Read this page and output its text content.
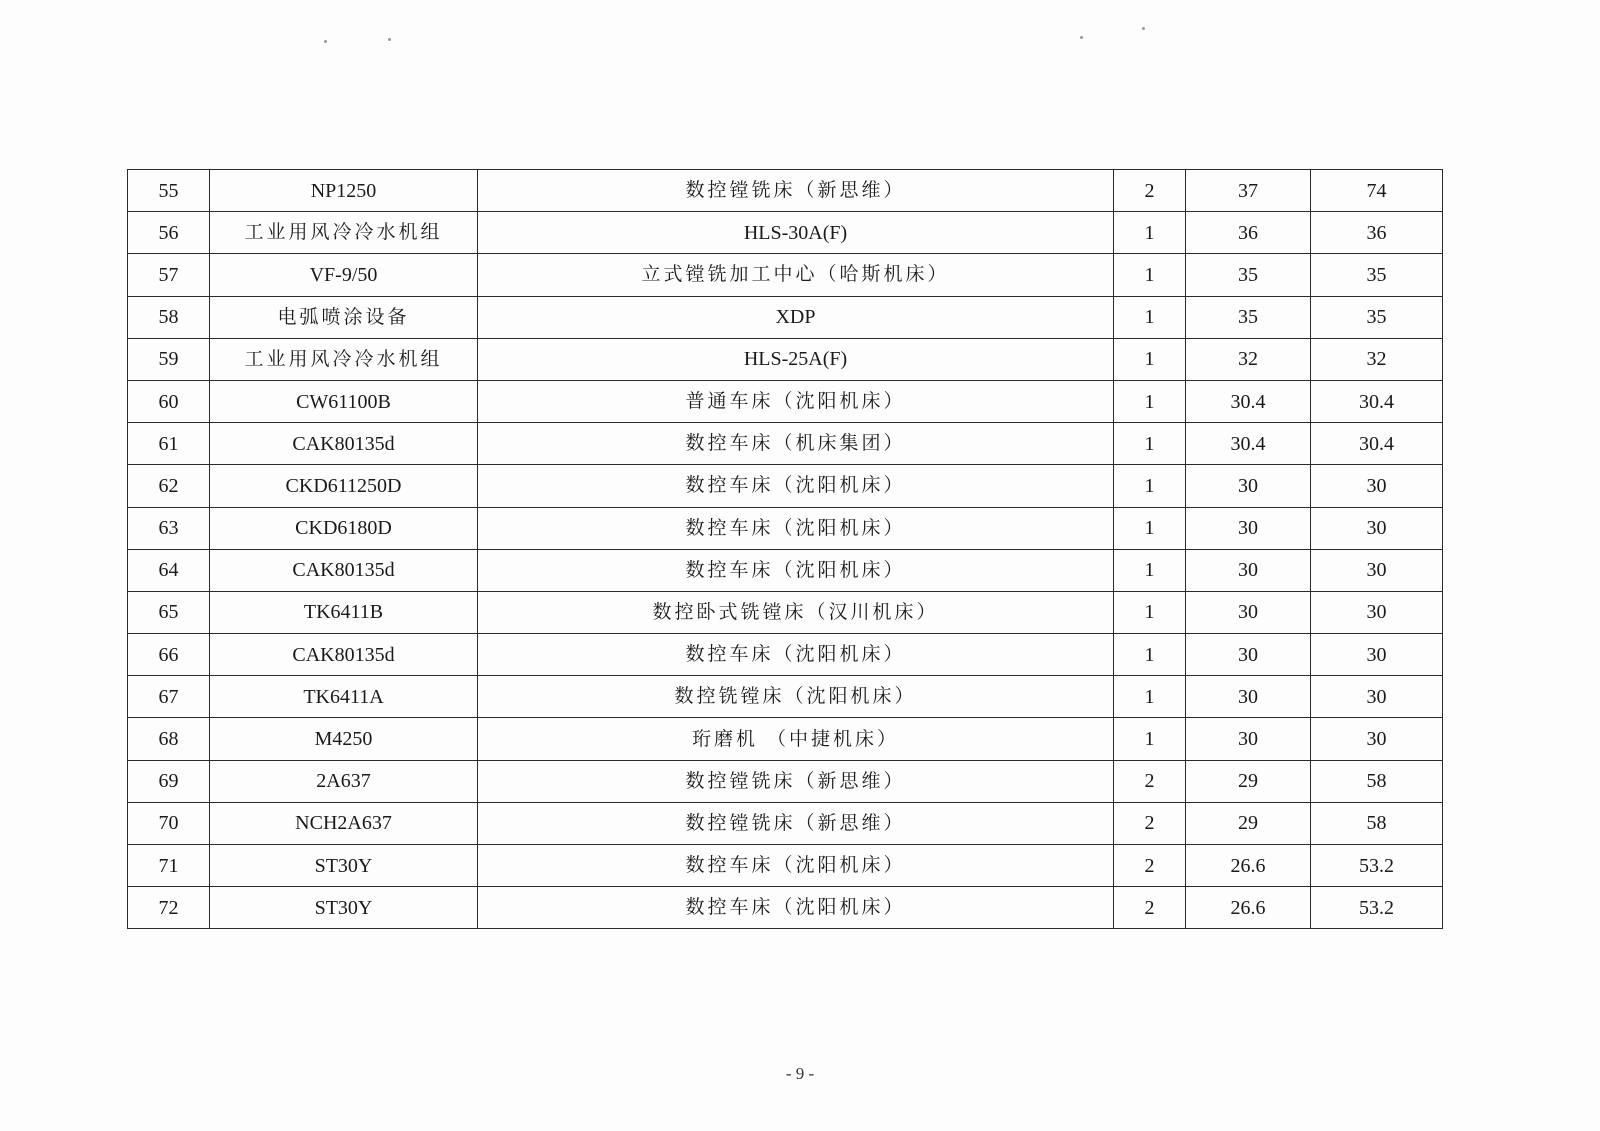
55	NP1250	数控镗铣床（新思维）	2	37	74
56	工业用风冷冷水机组	HLS-30A(F)	1	36	36
57	VF-9/50	立式镗铣加工中心（哈斯机床）	1	35	35
58	电弧喷涂设备	XDP	1	35	35
59	工业用风冷冷水机组	HLS-25A(F)	1	32	32
60	CW61100B	普通车床（沈阳机床）	1	30.4	30.4
61	CAK80135d	数控车床（机床集团）	1	30.4	30.4
62	CKD611250D	数控车床（沈阳机床）	1	30	30
63	CKD6180D	数控车床（沈阳机床）	1	30	30
64	CAK80135d	数控车床（沈阳机床）	1	30	30
65	TK6411B	数控卧式铣镗床（汉川机床）	1	30	30
66	CAK80135d	数控车床（沈阳机床）	1	30	30
67	TK6411A	数控铣镗床（沈阳机床）	1	30	30
68	M4250	珩磨机 （中捷机床）	1	30	30
69	2A637	数控镗铣床（新思维）	2	29	58
70	NCH2A637	数控镗铣床（新思维）	2	29	58
71	ST30Y	数控车床（沈阳机床）	2	26.6	53.2
72	ST30Y	数控车床（沈阳机床）	2	26.6	53.2
- 9 -
